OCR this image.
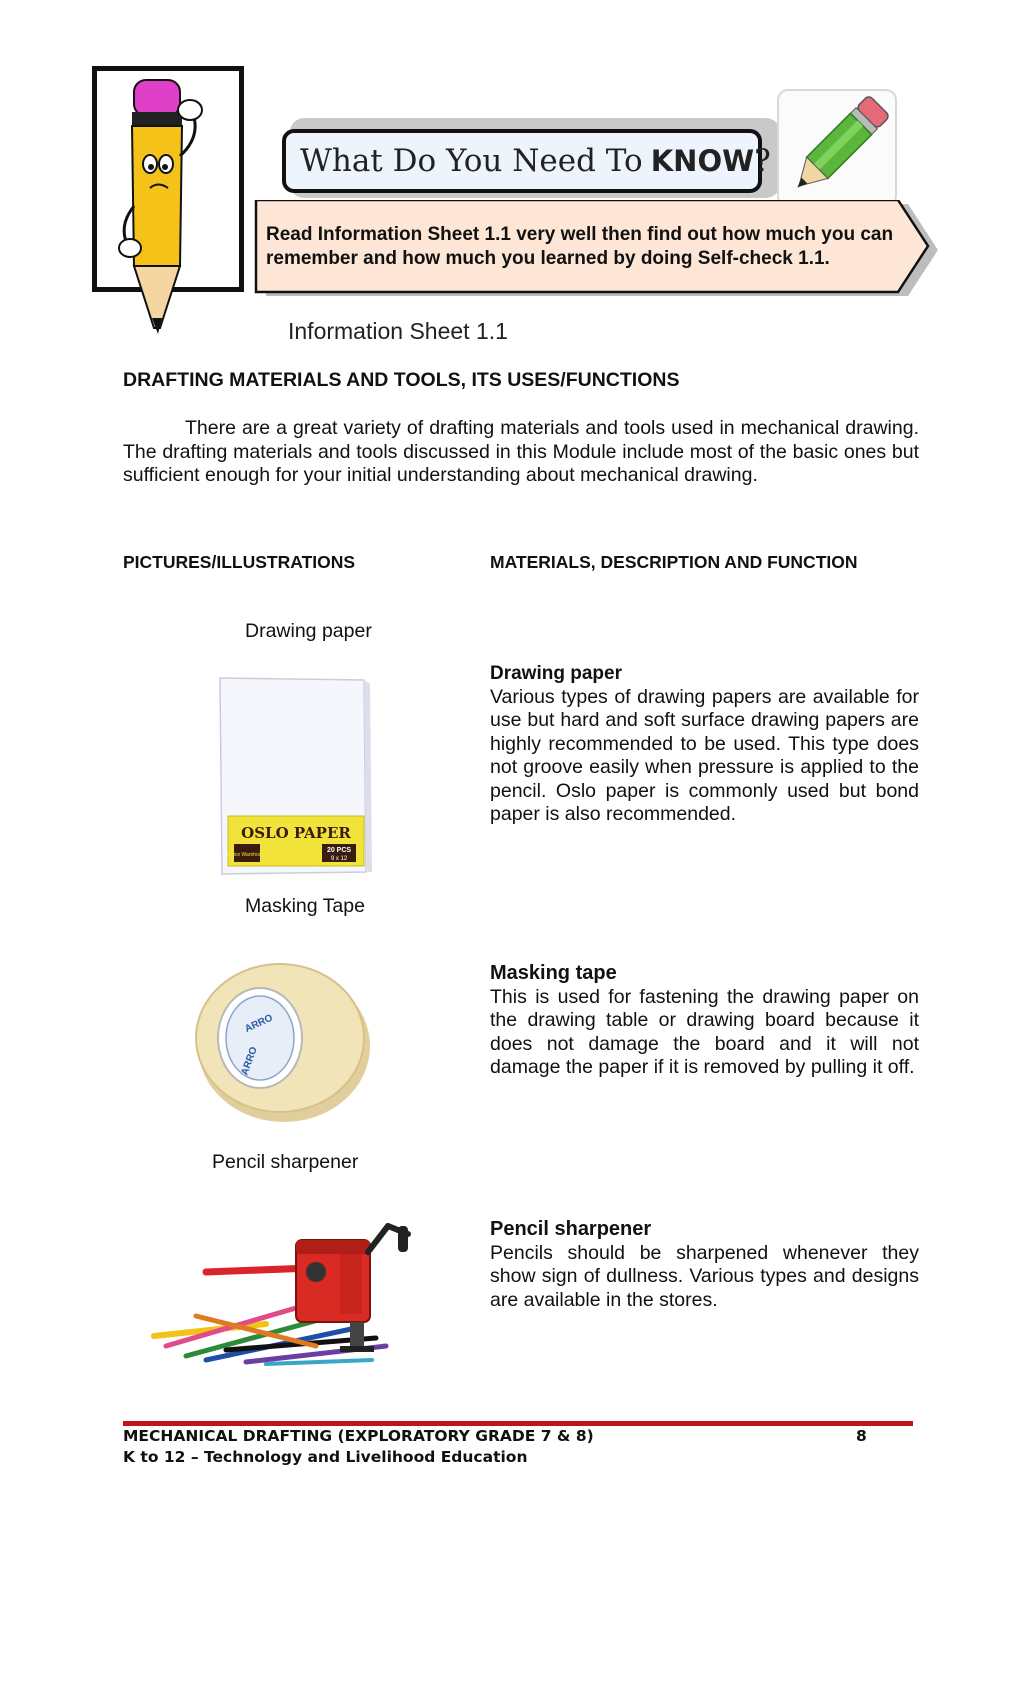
What Do You Need To KNOW ?
Read Information Sheet 1.1 very well then find out how much you can remember and how much you learned by doing Self-check 1.1.
Information Sheet 1.1
DRAFTING MATERIALS AND TOOLS, ITS USES/FUNCTIONS

There are a great variety of drafting materials and tools used in mechanical drawing. The drafting materials and tools discussed in this Module include most of the basic ones but sufficient enough for your initial understanding about mechanical drawing.

PICTURES/ILLUSTRATIONS	MATERIALS, DESCRIPTION AND FUNCTION
Drawing paper
OSLO PAPER
Office Warehouse
20 PCS
9 x 12
Drawing paper
Various types of drawing papers are available for use but hard and soft surface drawing papers are highly recommended to be used. This type does not groove easily when pressure is applied to the pencil. Oslo paper is commonly used but bond paper is also recommended.
Masking Tape
ARRO
ARRO
Masking tape
This is used for fastening the drawing paper on the drawing table or drawing board because it does not damage the board and it will not damage the paper if it is removed by pulling it off.
Pencil sharpener
Pencil sharpener
Pencils should be sharpened whenever they show sign of dullness. Various types and designs are available in the stores.
MECHANICAL DRAFTING (EXPLORATORY GRADE 7 & 8)	8
K to 12 – Technology and Livelihood Education
